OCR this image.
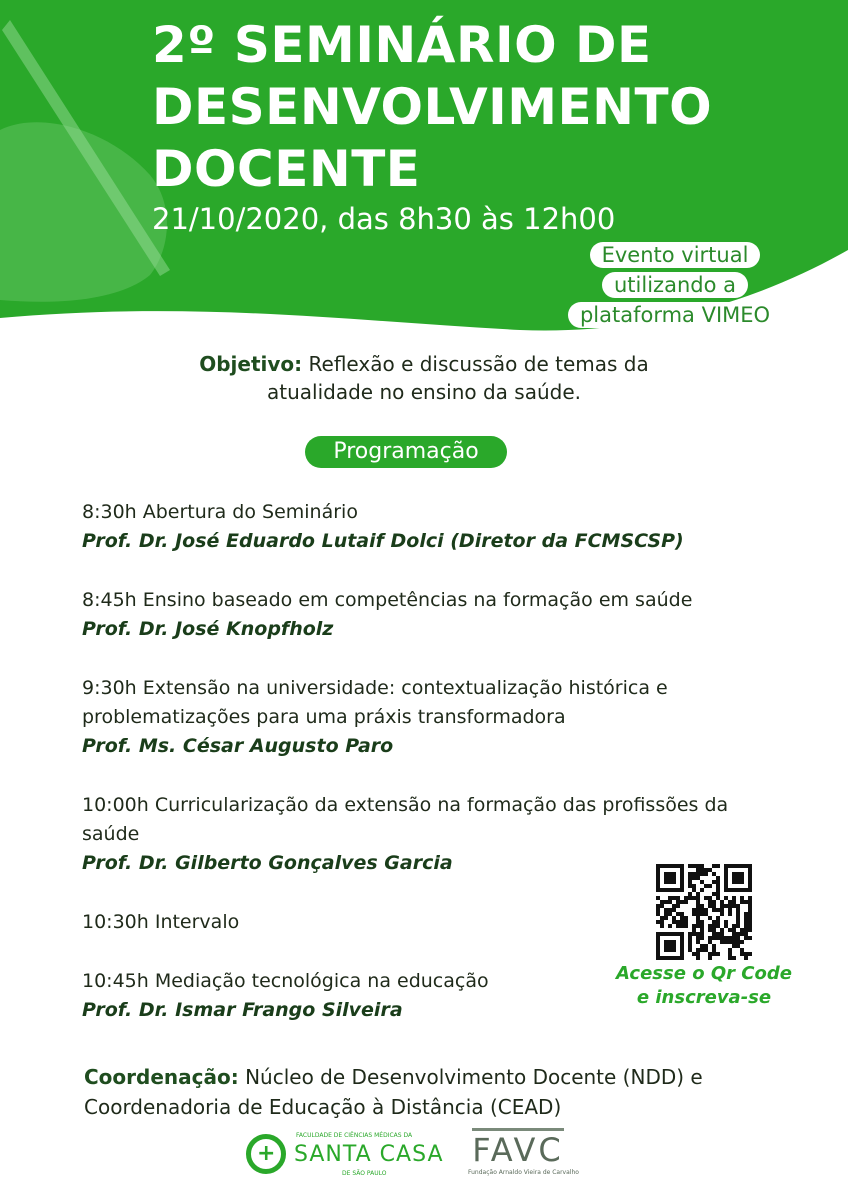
2º SEMINÁRIO DE
DESENVOLVIMENTO
DOCENTE
21/10/2020, das 8h30 às 12h00
Evento virtual
utilizando a
plataforma VIMEO
Objetivo: Reflexão e discussão de temas da
atualidade no ensino da saúde.
Programação
8:30h Abertura do Seminário
Prof. Dr. José Eduardo Lutaif Dolci (Diretor da FCMSCSP)
8:45h Ensino baseado em competências na formação em saúde
Prof. Dr. José Knopfholz
9:30h Extensão na universidade: contextualização histórica e problematizações para uma práxis transformadora
Prof. Ms. César Augusto Paro
10:00h Curricularização da extensão na formação das profissões da saúde
Prof. Dr. Gilberto Gonçalves Garcia
10:30h Intervalo
10:45h Mediação tecnológica na educação
Prof. Dr. Ismar Frango Silveira
Acesse o Qr Code
e inscreva-se
Coordenação: Núcleo de Desenvolvimento Docente (NDD) e
Coordenadoria de Educação à Distância (CEAD)
+
FACULDADE DE CIÊNCIAS MÉDICAS DA
SANTA CASA
DE SÃO PAULO
FAVC
Fundação Arnaldo Vieira de Carvalho
